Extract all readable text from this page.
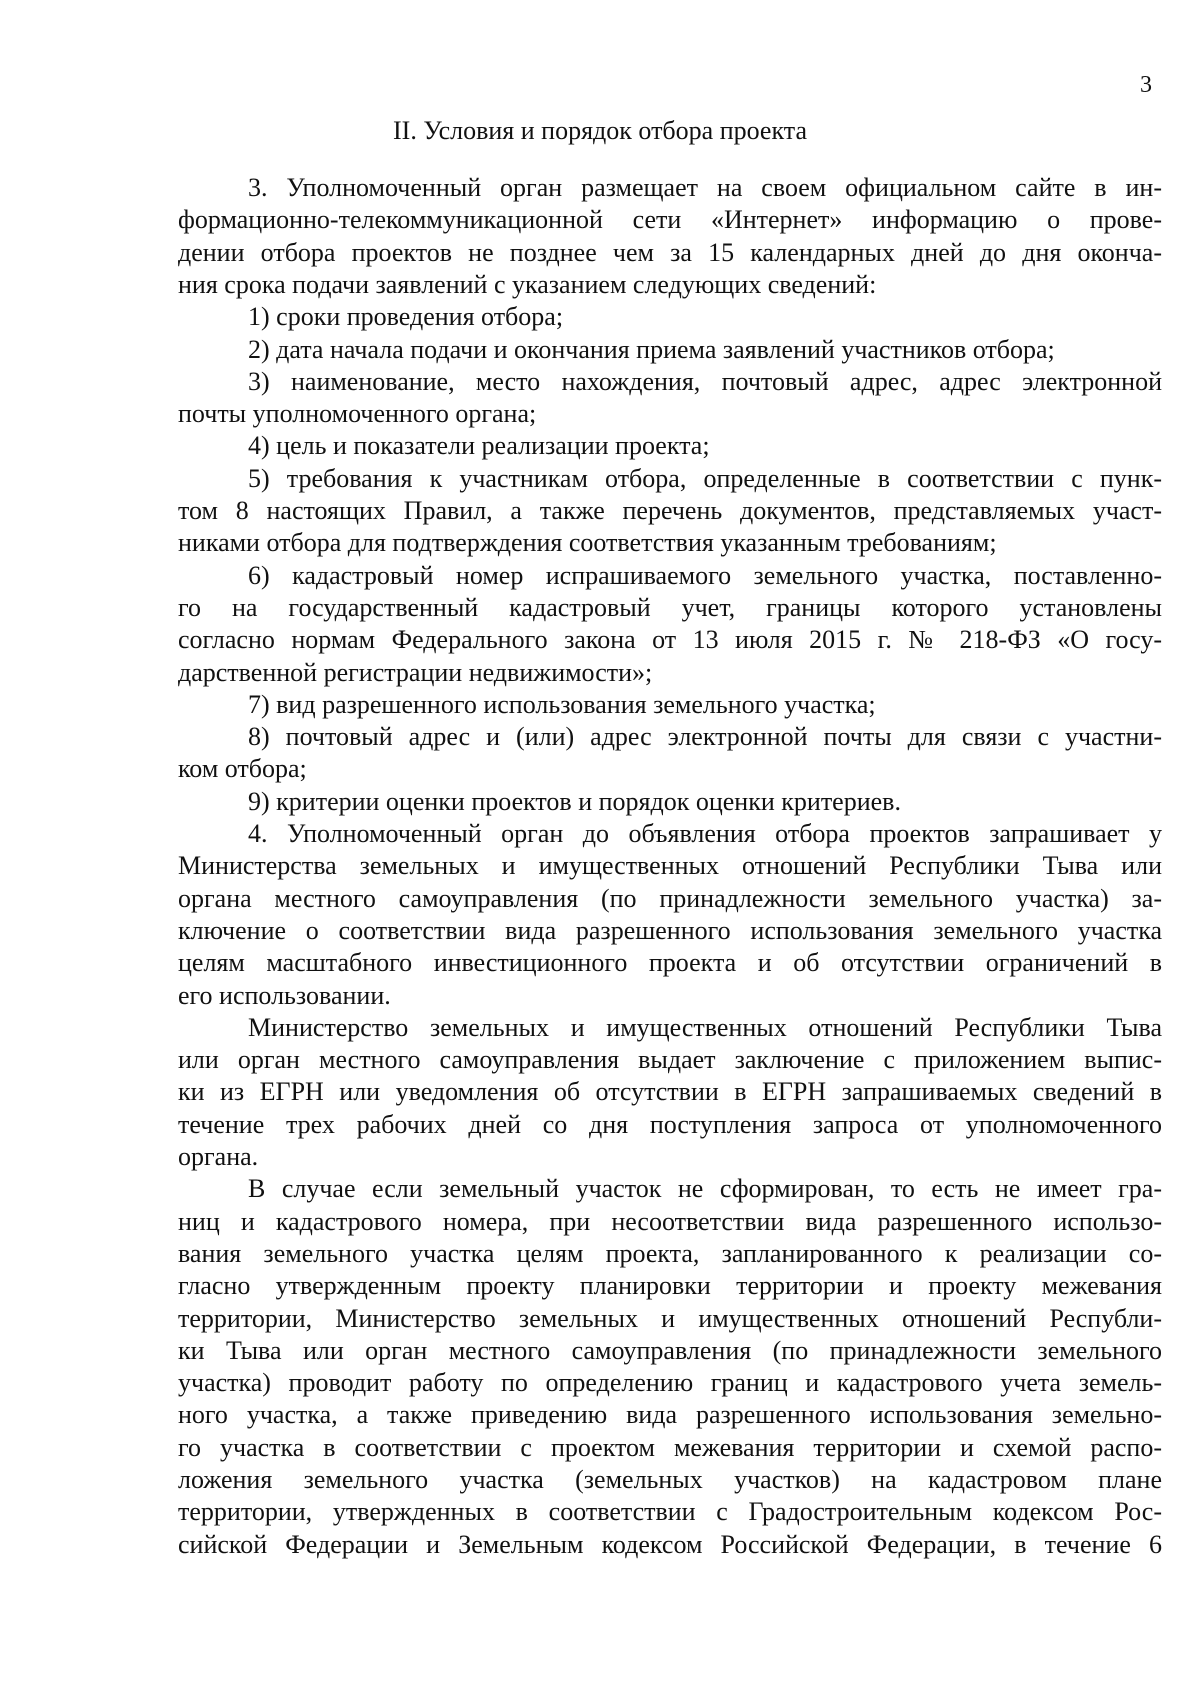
3
II. Условия и порядок отбора проекта
3. Уполномоченный орган размещает на своем официальном сайте в ин-
формационно-телекоммуникационной сети «Интернет» информацию о прове-
дении отбора проектов не позднее чем за 15 календарных дней до дня оконча-
ния срока подачи заявлений с указанием следующих сведений:
1) сроки проведения отбора;
2) дата начала подачи и окончания приема заявлений участников отбора;
3) наименование, место нахождения, почтовый адрес, адрес электронной
почты уполномоченного органа;
4) цель и показатели реализации проекта;
5) требования к участникам отбора, определенные в соответствии с пунк-
том 8 настоящих Правил, а также перечень документов, представляемых участ-
никами отбора для подтверждения соответствия указанным требованиям;
6) кадастровый номер испрашиваемого земельного участка, поставленно-
го на государственный кадастровый учет, границы которого установлены
согласно нормам Федерального закона от 13 июля 2015 г. № 218-ФЗ «О госу-
дарственной регистрации недвижимости»;
7) вид разрешенного использования земельного участка;
8) почтовый адрес и (или) адрес электронной почты для связи с участни-
ком отбора;
9) критерии оценки проектов и порядок оценки критериев.
4. Уполномоченный орган до объявления отбора проектов запрашивает у
Министерства земельных и имущественных отношений Республики Тыва или
органа местного самоуправления (по принадлежности земельного участка) за-
ключение о соответствии вида разрешенного использования земельного участка
целям масштабного инвестиционного проекта и об отсутствии ограничений в
его использовании.
Министерство земельных и имущественных отношений Республики Тыва
или орган местного самоуправления выдает заключение с приложением выпис-
ки из ЕГРН или уведомления об отсутствии в ЕГРН запрашиваемых сведений в
течение трех рабочих дней со дня поступления запроса от уполномоченного
органа.
В случае если земельный участок не сформирован, то есть не имеет гра-
ниц и кадастрового номера, при несоответствии вида разрешенного использо-
вания земельного участка целям проекта, запланированного к реализации со-
гласно утвержденным проекту планировки территории и проекту межевания
территории, Министерство земельных и имущественных отношений Республи-
ки Тыва или орган местного самоуправления (по принадлежности земельного
участка) проводит работу по определению границ и кадастрового учета земель-
ного участка, а также приведению вида разрешенного использования земельно-
го участка в соответствии с проектом межевания территории и схемой распо-
ложения земельного участка (земельных участков) на кадастровом плане
территории, утвержденных в соответствии с Градостроительным кодексом Рос-
сийской Федерации и Земельным кодексом Российской Федерации, в течение 6
